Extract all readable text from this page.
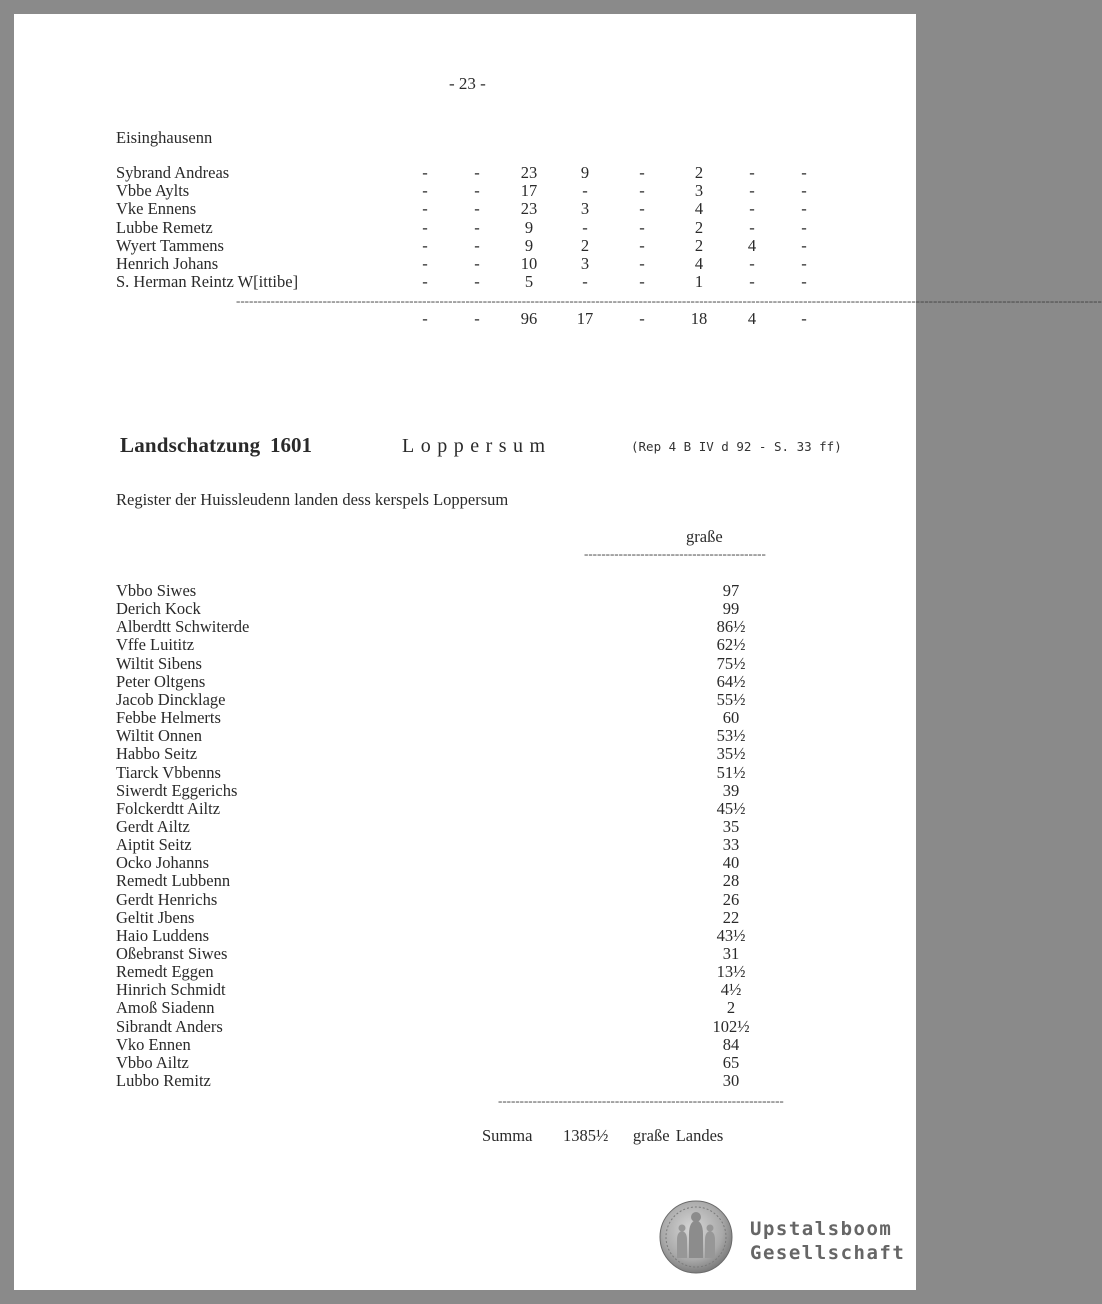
- 23 -
Eisinghausenn
Sybrand Andreas	-	-	23	9	-	2	-	-
Vbbe Aylts	-	-	17	-	-	3	-	-
Vke Ennens	-	-	23	3	-	4	-	-
Lubbe Remetz	-	-	9	-	-	2	-	-
Wyert Tammens	-	-	9	2	-	2	4	-
Henrich Johans	-	-	10	3	-	4	-	-
S. Herman Reintz W[ittibe]	-	-	5	-	-	1	-	-
--------------------------------------------------------------------------------------------------------------------------------------------------------------------------------------------------------
-	-	96	17	-	18	4	-
Landschatzung 1601	Loppersum	(Rep 4 B IV d 92 - S. 33 ff)
Register der Huissleudenn landen dess kerspels Loppersum
graße
------------------------------------------
Vbbo Siwes	97
Derich Kock	99
Alberdtt Schwiterde	86½
Vffe Luititz	62½
Wiltit Sibens	75½
Peter Oltgens	64½
Jacob Dincklage	55½
Febbe Helmerts	60
Wiltit Onnen	53½
Habbo Seitz	35½
Tiarck Vbbenns	51½
Siwerdt Eggerichs	39
Folckerdtt Ailtz	45½
Gerdt Ailtz	35
Aiptit Seitz	33
Ocko Johanns	40
Remedt Lubbenn	28
Gerdt Henrichs	26
Geltit Jbens	22
Haio Luddens	43½
Oßebranst Siwes	31
Remedt Eggen	13½
Hinrich Schmidt	4½
Amoß Siadenn	2
Sibrandt Anders	102½
Vko Ennen	84
Vbbo Ailtz	65
Lubbo Remitz	30
------------------------------------------------------------------
Summa 1385½ graße Landes
Upstalsboom
Gesellschaft
